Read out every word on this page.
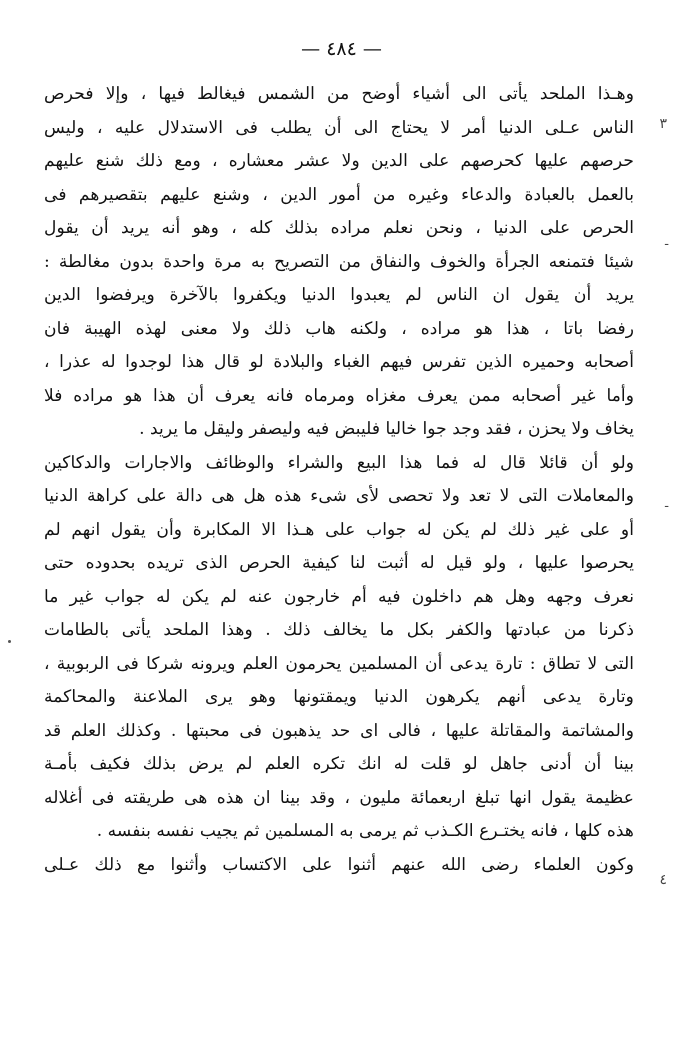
— ٤٨٤ —
٣
-
-
٤
وهـذا الملحد يأتى الى أشياء أوضح من الشمس فيغالط فيها ، وإلا فحرص
الناس عـلى الدنيا أمر لا يحتاج الى أن يطلب فى الاستدلال عليه ، وليس
حرصهم عليها كحرصهم على الدين ولا عشر معشاره ، ومع ذلك شنع عليهم
بالعمل بالعبادة والدعاء وغيره من أمور الدين ، وشنع عليهم بتقصيرهم فى
الحرص على الدنيا ، ونحن نعلم مراده بذلك كله ، وهو أنه يريد أن يقول
شيئا فتمنعه الجرأة والخوف والنفاق من التصريح به مرة واحدة بدون مغالطة :
يريد أن يقول ان الناس لم يعبدوا الدنيا ويكفروا بالآخرة ويرفضوا الدين
رفضا باتا ، هذا هو مراده ، ولكنه هاب ذلك ولا معنى لهذه الهيبة فان
أصحابه وحميره الذين تفرس فيهم الغباء والبلادة لو قال هذا لوجدوا له عذرا ،
وأما غير أصحابه ممن يعرف مغزاه ومرماه فانه يعرف أن هذا هو مراده فلا
يخاف ولا يحزن ، فقد وجد جوا خاليا فليبض فيه وليصفر وليقل ما يريد .
ولو أن قائلا قال له فما هذا البيع والشراء والوظائف والاجارات والدكاكين
والمعاملات التى لا تعد ولا تحصى لأى شىء هذه هل هى دالة على كراهة الدنيا
أو على غير ذلك لم يكن له جواب على هـذا الا المكابرة وأن يقول انهم لم
يحرصوا عليها ، ولو قيل له أثبت لنا كيفية الحرص الذى تريده بحدوده حتى
نعرف وجهه وهل هم داخلون فيه أم خارجون عنه لم يكن له جواب غير ما
ذكرنا من عبادتها والكفر بكل ما يخالف ذلك . وهذا الملحد يأتى بالطامات
التى لا تطاق : تارة يدعى أن المسلمين يحرمون العلم ويرونه شركا فى الربوبية ،
وتارة يدعى أنهم يكرهون الدنيا ويمقتونها وهو يرى الملاعنة والمحاكمة
والمشاتمة والمقاتلة عليها ، فالى اى حد يذهبون فى محبتها . وكذلك العلم قد
بينا أن أدنى جاهل لو قلت له انك تكره العلم لم يرض بذلك فكيف بأمـة
عظيمة يقول انها تبلغ اربعمائة مليون ، وقد بينا ان هذه هى طريقته فى أغلاله
هذه كلها ، فانه يختـرع الكـذب ثم يرمى به المسلمين ثم يجيب نفسه بنفسه .
وكون العلماء رضى الله عنهم أثنوا على الاكتساب وأثنوا مع ذلك عـلى
